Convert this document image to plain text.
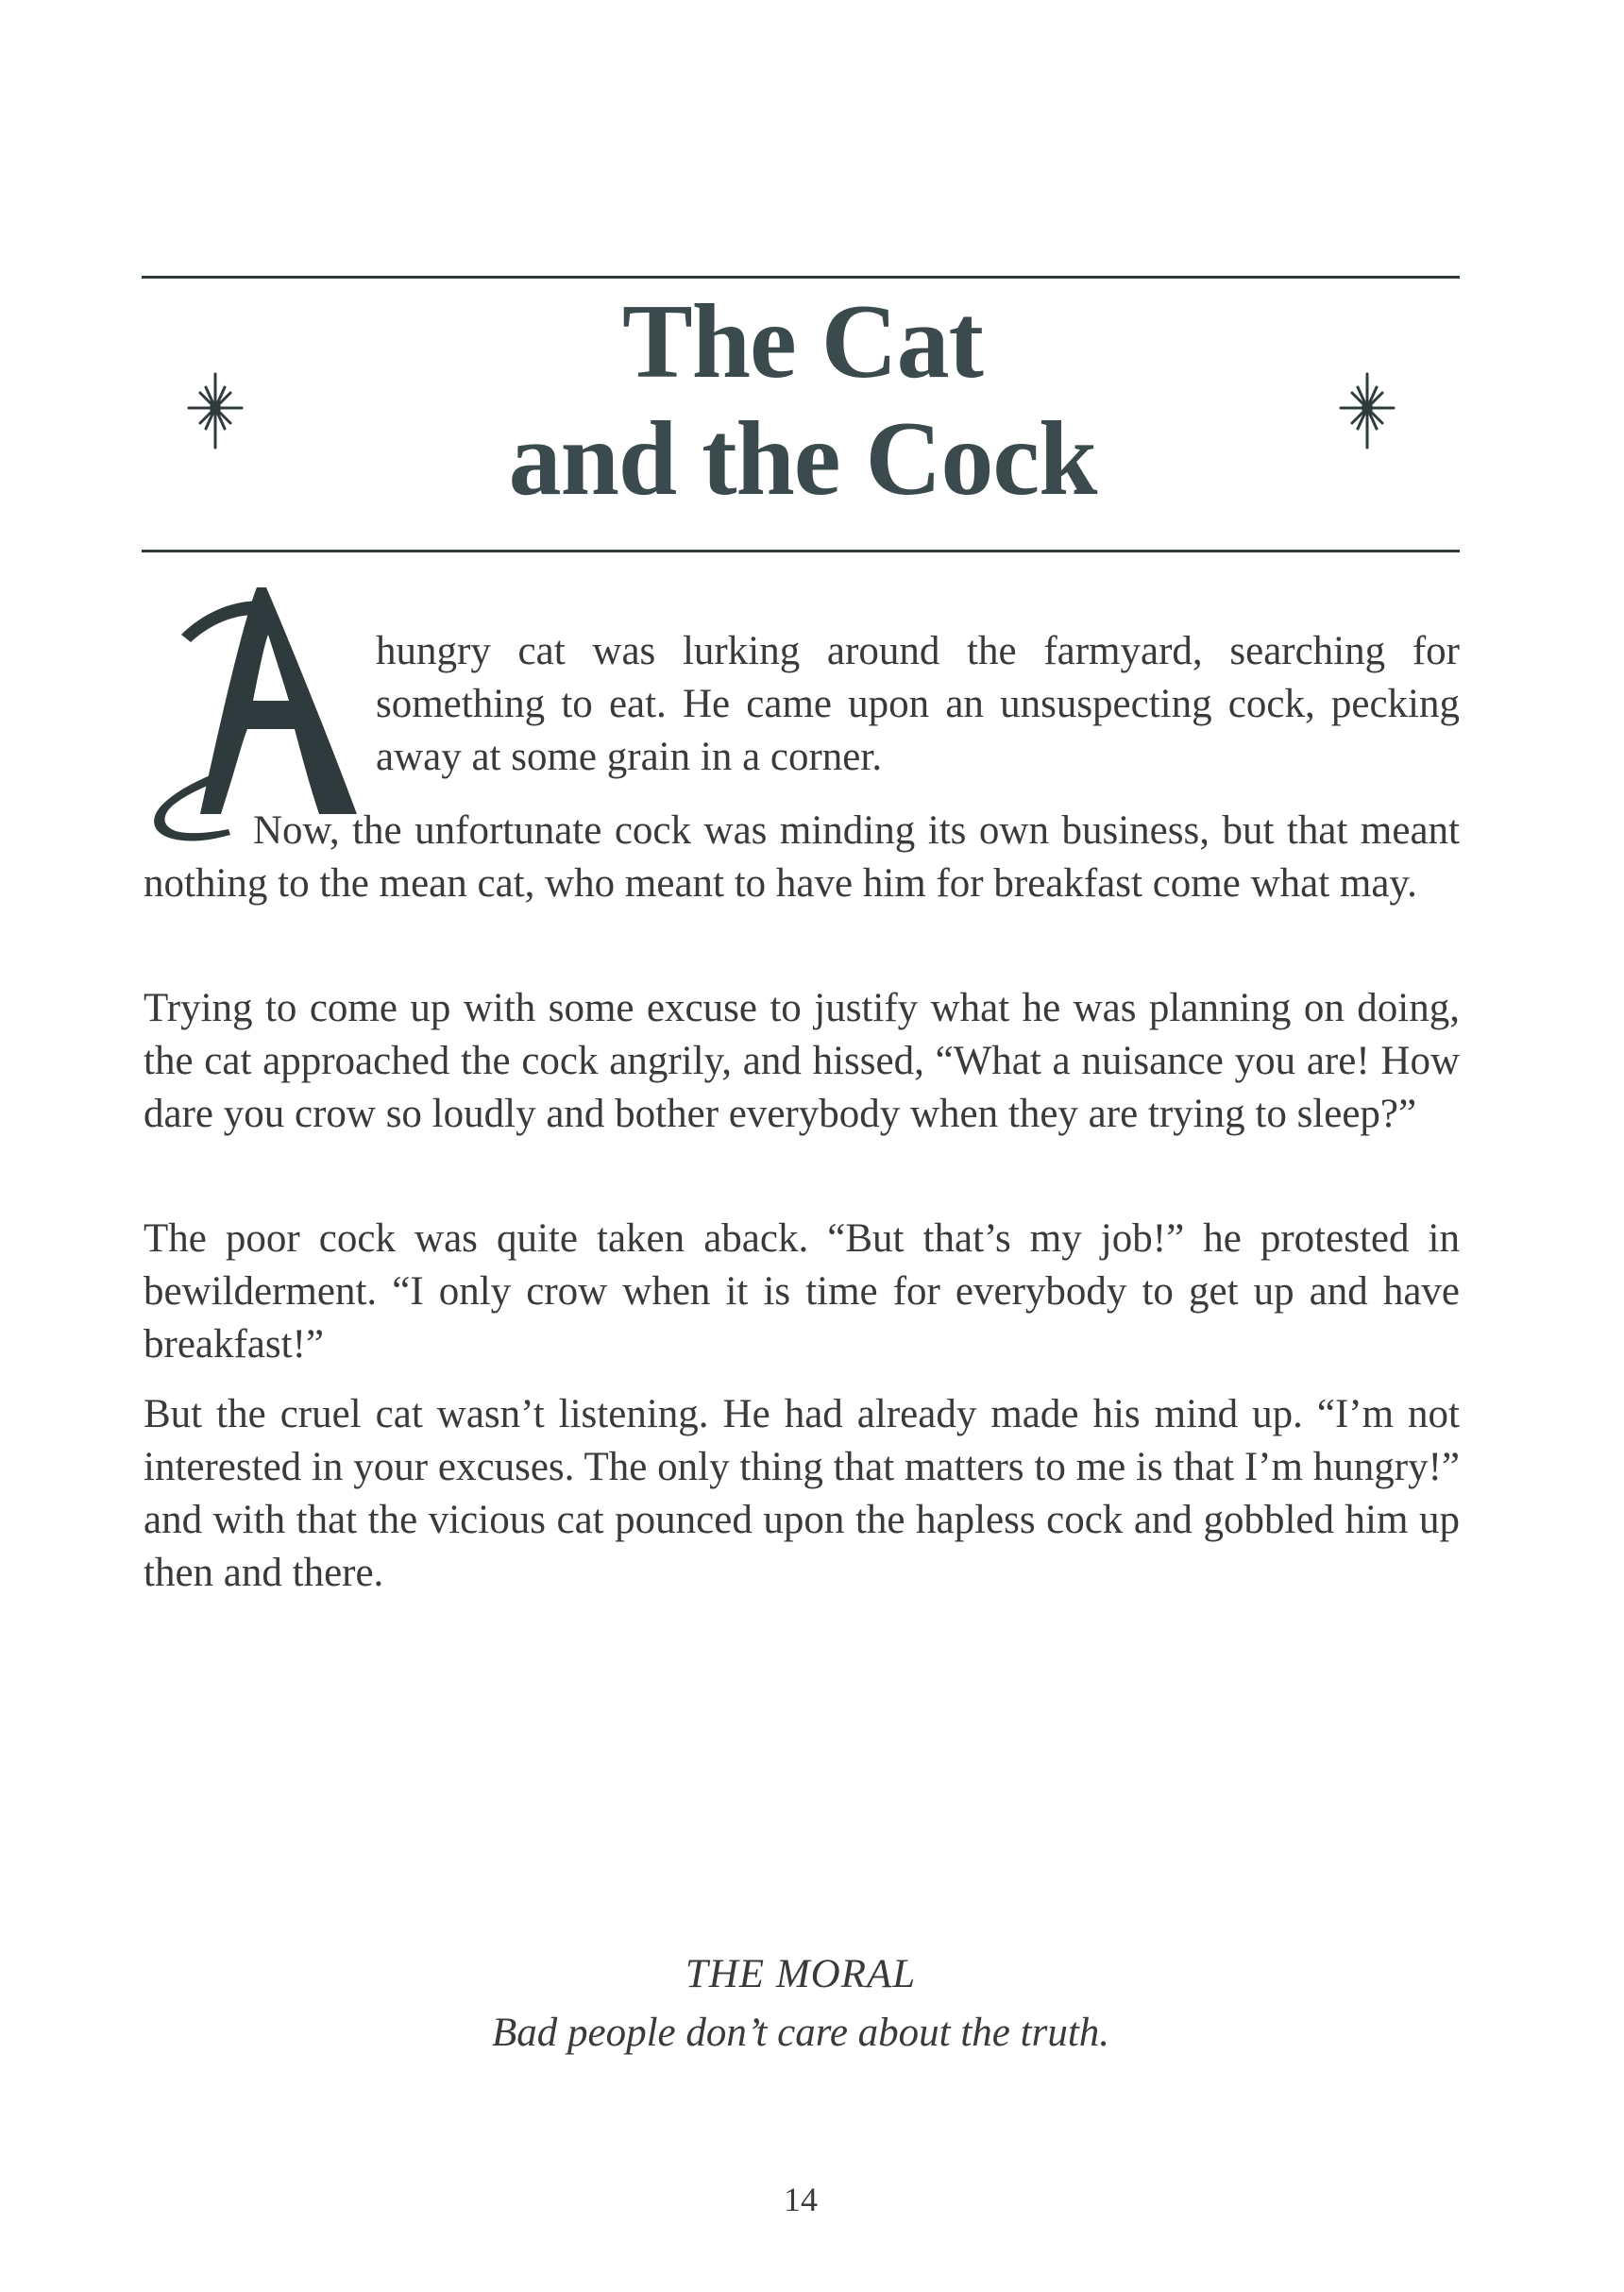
The Cat
and the Cock

hungry cat was lurking around the farmyard, searching for something to eat. He came upon an unsuspecting cock, pecking away at some grain in a corner.

Now, the unfortunate cock was minding its own business, but that meant nothing to the mean cat, who meant to have him for breakfast come what may.

Trying to come up with some excuse to justify what he was planning on doing, the cat approached the cock angrily, and hissed, “What a nuisance you are! How dare you crow so loudly and bother everybody when they are trying to sleep?”

The poor cock was quite taken aback. “But that’s my job!” he protested in bewilderment. “I only crow when it is time for everybody to get up and have breakfast!”

But the cruel cat wasn’t listening. He had already made his mind up. “I’m not interested in your excuses. The only thing that matters to me is that I’m hungry!” and with that the vicious cat pounced upon the hapless cock and gobbled him up then and there.

THE MORAL
Bad people don’t care about the truth.
14
